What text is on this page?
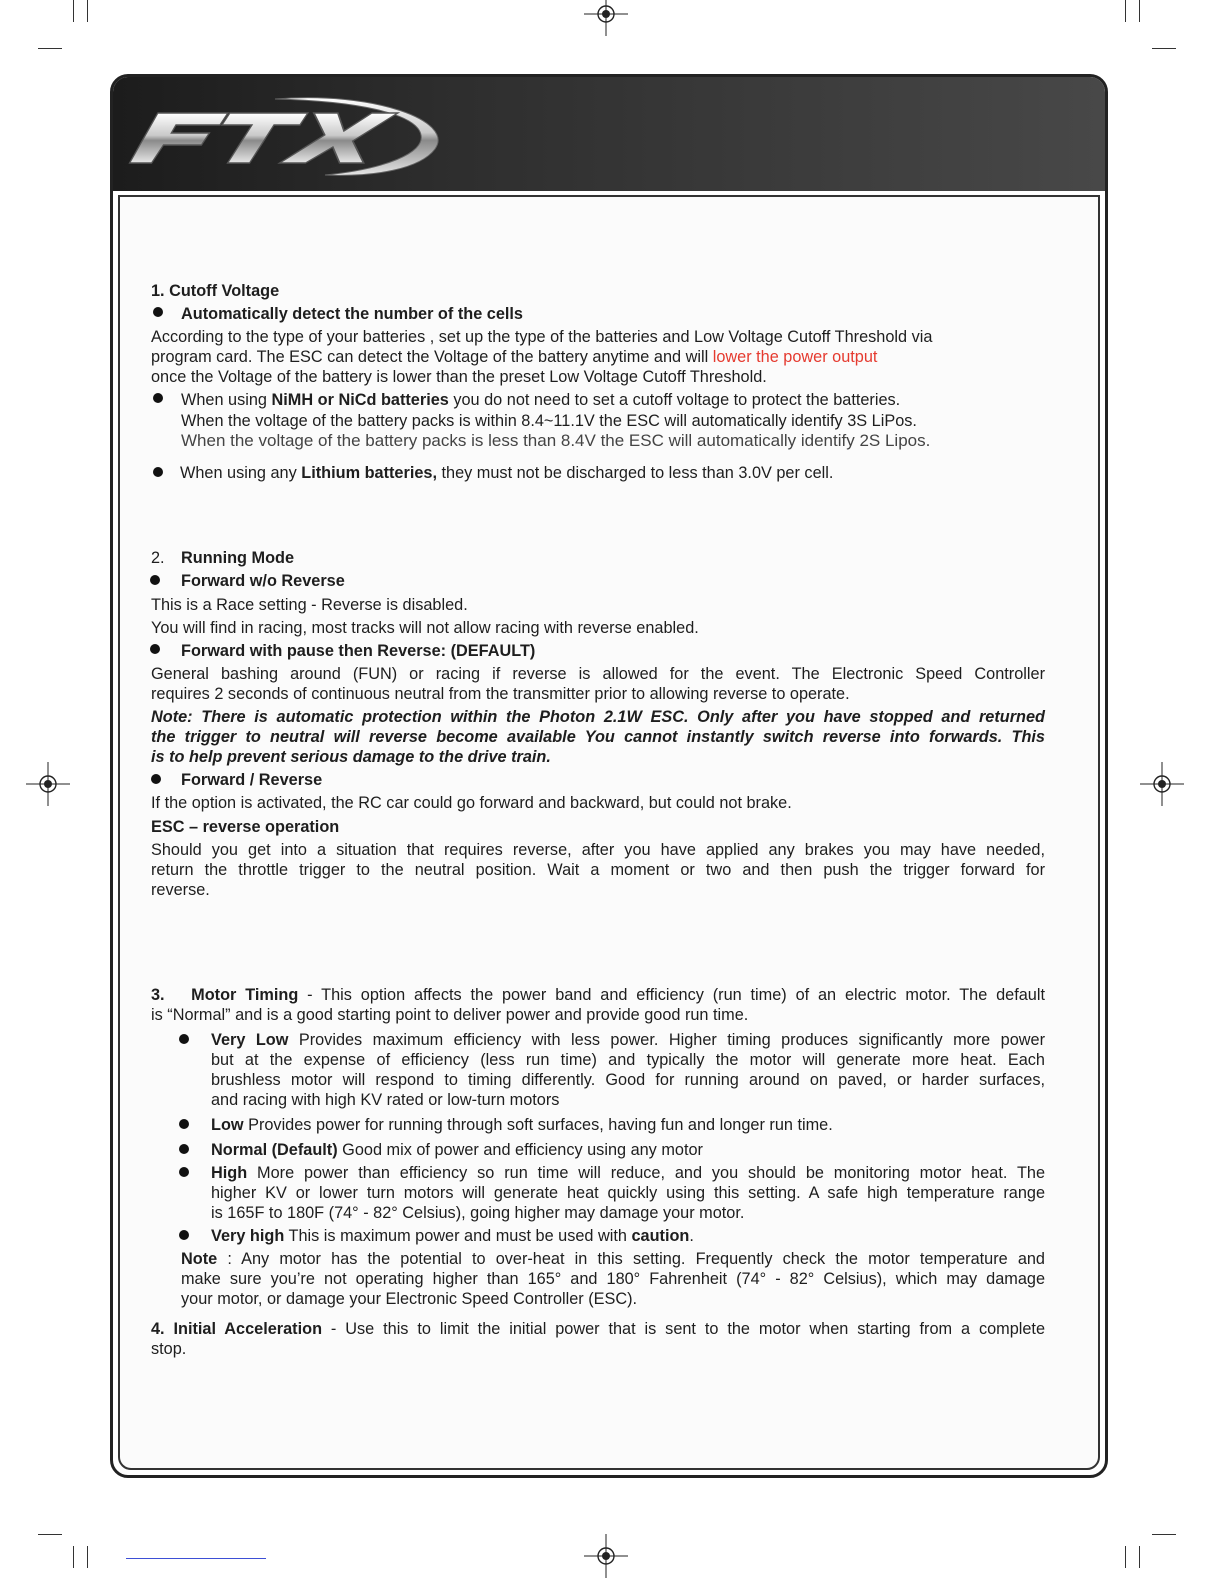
1. Cutoff Voltage
Automatically detect the number of the cells
According to the type of your batteries , set up the type of the batteries and Low Voltage Cutoff Threshold via
program card. The ESC can detect the Voltage of the battery anytime and will lower the power output
once the Voltage of the battery is lower than the preset Low Voltage Cutoff Threshold.
When using NiMH or NiCd batteries you do not need to set a cutoff voltage to protect the batteries.
When the voltage of the battery packs is within 8.4~11.1V the ESC will automatically identify 3S LiPos.
When the voltage of the battery packs is less than 8.4V the ESC will automatically identify 2S Lipos.
When using any Lithium batteries, they must not be discharged to less than 3.0V per cell.
2. Running Mode
Forward w/o Reverse
This is a Race setting - Reverse is disabled.
You will find in racing, most tracks will not allow racing with reverse enabled.
Forward with pause then Reverse: (DEFAULT)
General bashing around (FUN) or racing if reverse is allowed for the event. The Electronic Speed Controller
requires 2 seconds of continuous neutral from the transmitter prior to allowing reverse to operate.
Note: There is automatic protection within the Photon 2.1W ESC. Only after you have stopped and returned
the trigger to neutral will reverse become available You cannot instantly switch reverse into forwards. This
is to help prevent serious damage to the drive train.
Forward / Reverse
If the option is activated, the RC car could go forward and backward, but could not brake.
ESC – reverse operation
Should you get into a situation that requires reverse, after you have applied any brakes you may have needed,
return the throttle trigger to the neutral position. Wait a moment or two and then push the trigger forward for
reverse.
3. Motor Timing - This option affects the power band and efficiency (run time) of an electric motor. The default
is “Normal” and is a good starting point to deliver power and provide good run time.
Very Low Provides maximum efficiency with less power. Higher timing produces significantly more power
but at the expense of efficiency (less run time) and typically the motor will generate more heat. Each
brushless motor will respond to timing differently. Good for running around on paved, or harder surfaces,
and racing with high KV rated or low-turn motors
Low Provides power for running through soft surfaces, having fun and longer run time.
Normal (Default) Good mix of power and efficiency using any motor
High More power than efficiency so run time will reduce, and you should be monitoring motor heat. The
higher KV or lower turn motors will generate heat quickly using this setting. A safe high temperature range
is 165F to 180F (74° - 82° Celsius), going higher may damage your motor.
Very high This is maximum power and must be used with caution.
Note : Any motor has the potential to over-heat in this setting. Frequently check the motor temperature and
make sure you’re not operating higher than 165° and 180° Fahrenheit (74° - 82° Celsius), which may damage
your motor, or damage your Electronic Speed Controller (ESC).
4. Initial Acceleration - Use this to limit the initial power that is sent to the motor when starting from a complete
stop.
